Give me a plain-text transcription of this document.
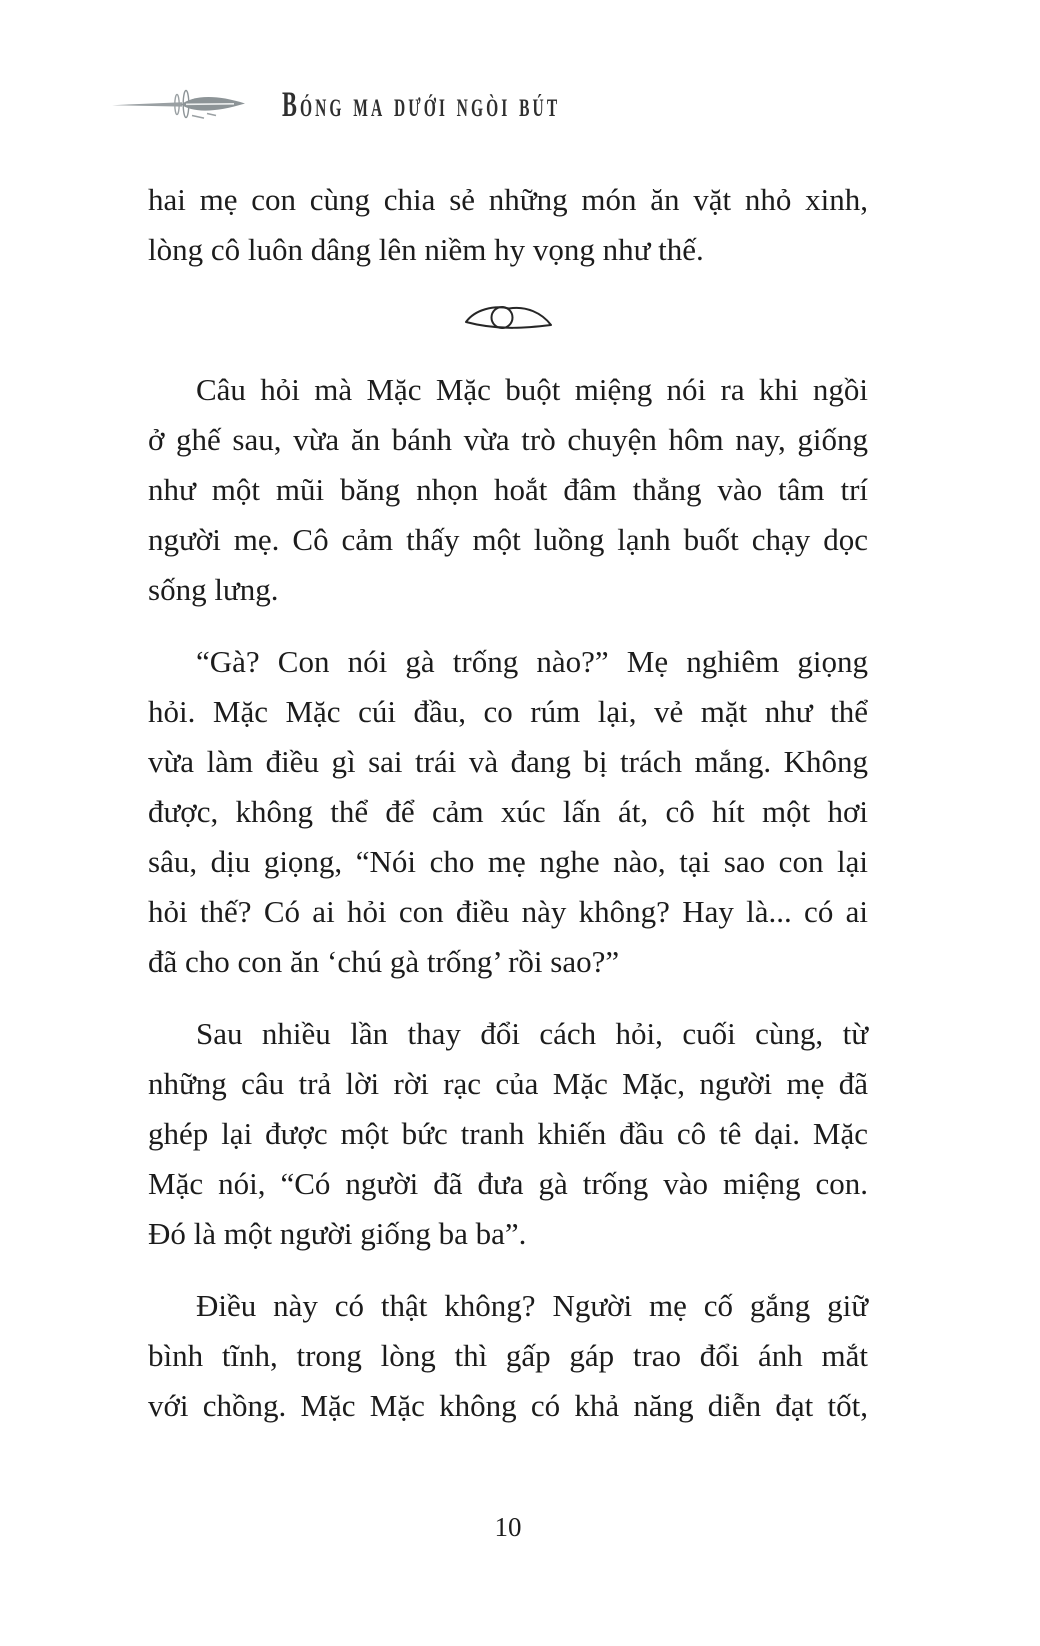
Bóng ma dưới ngòi bút
hai mẹ con cùng chia sẻ những món ăn vặt nhỏ xinh,
lòng cô luôn dâng lên niềm hy vọng như thế.
Câu hỏi mà Mặc Mặc buột miệng nói ra khi ngồi
ở ghế sau, vừa ăn bánh vừa trò chuyện hôm nay, giống
như một mũi băng nhọn hoắt đâm thẳng vào tâm trí
người mẹ. Cô cảm thấy một luồng lạnh buốt chạy dọc
sống lưng.
“Gà? Con nói gà trống nào?” Mẹ nghiêm giọng
hỏi. Mặc Mặc cúi đầu, co rúm lại, vẻ mặt như thể
vừa làm điều gì sai trái và đang bị trách mắng. Không
được, không thể để cảm xúc lấn át, cô hít một hơi
sâu, dịu giọng, “Nói cho mẹ nghe nào, tại sao con lại
hỏi thế? Có ai hỏi con điều này không? Hay là... có ai
đã cho con ăn ‘chú gà trống’ rồi sao?”
Sau nhiều lần thay đổi cách hỏi, cuối cùng, từ
những câu trả lời rời rạc của Mặc Mặc, người mẹ đã
ghép lại được một bức tranh khiến đầu cô tê dại. Mặc
Mặc nói, “Có người đã đưa gà trống vào miệng con.
Đó là một người giống ba ba”.
Điều này có thật không? Người mẹ cố gắng giữ
bình tĩnh, trong lòng thì gấp gáp trao đổi ánh mắt
với chồng. Mặc Mặc không có khả năng diễn đạt tốt,
10
